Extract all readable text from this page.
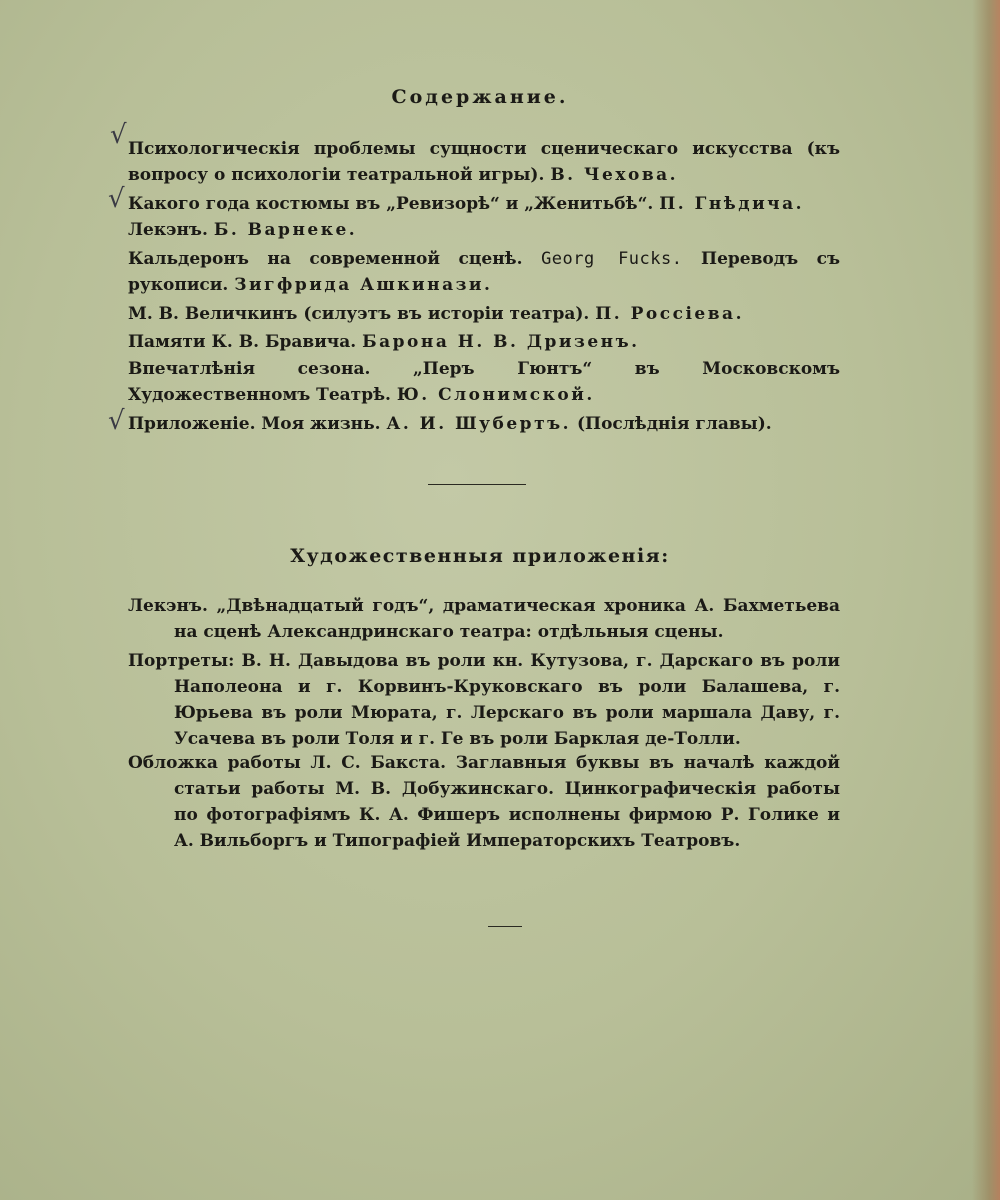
Содержание.
Психологическія проблемы сущности сценическаго искусства (къ вопросу о психологіи театральной игры). В. Чехова.
Какого года костюмы въ „Ревизорѣ“ и „Женитьбѣ“. П. Гнѣдича.
Лекэнъ. Б. Варнеке.
Кальдеронъ на современной сценѣ. Georg Fucks. Переводъ съ рукописи. Зигфрида Ашкинази.
М. В. Величкинъ (силуэтъ въ исторіи театра). П. Россіева.
Памяти К. В. Бравича. Барона Н. В. Дризенъ.
Впечатлѣнія сезона. „Перъ Гюнтъ“ въ Московскомъ Художественномъ Театрѣ. Ю. Слонимской.
Приложеніе. Моя жизнь. А. И. Шубертъ. (Послѣднія главы).
√
√
√
Художественныя приложенія:
Лекэнъ. „Двѣнадцатый годъ“, драматическая хроника А. Бахметьева на сценѣ Александринскаго театра: отдѣльныя сцены.
Портреты: В. Н. Давыдова въ роли кн. Кутузова, г. Дарскаго въ роли Наполеона и г. Корвинъ-Круковскаго въ роли Балашева, г. Юрьева въ роли Мюрата, г. Лерскаго въ роли маршала Даву, г. Усачева въ роли Толя и г. Ге въ роли Барклая де-Толли.
Обложка работы Л. С. Бакста. Заглавныя буквы въ началѣ каждой статьи работы М. В. Добужинскаго. Цинкографическія работы по фотографіямъ К. А. Фишеръ исполнены фирмою Р. Голике и А. Вильборгъ и Типографіей Императорскихъ Театровъ.
